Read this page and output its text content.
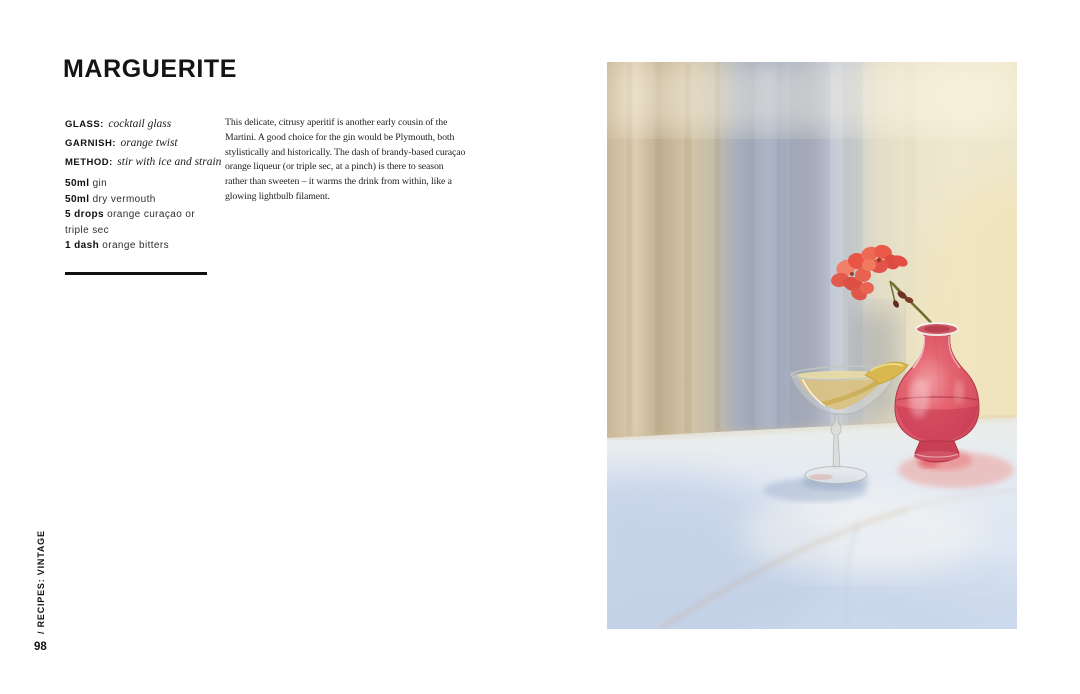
MARGUERITE
GLASS: cocktail glass
GARNISH: orange twist
METHOD: stir with ice and strain
50ml gin
50ml dry vermouth
5 drops orange curaçao or triple sec
1 dash orange bitters

This delicate, citrusy aperitif is another early cousin of the Martini. A good choice for the gin would be Plymouth, both stylistically and historically. The dash of brandy-based curaçao orange liqueur (or triple sec, at a pinch) is there to season rather than sweeten – it warms the drink from within, like a glowing lightbulb filament.

/ RECIPES: VINTAGE
98
